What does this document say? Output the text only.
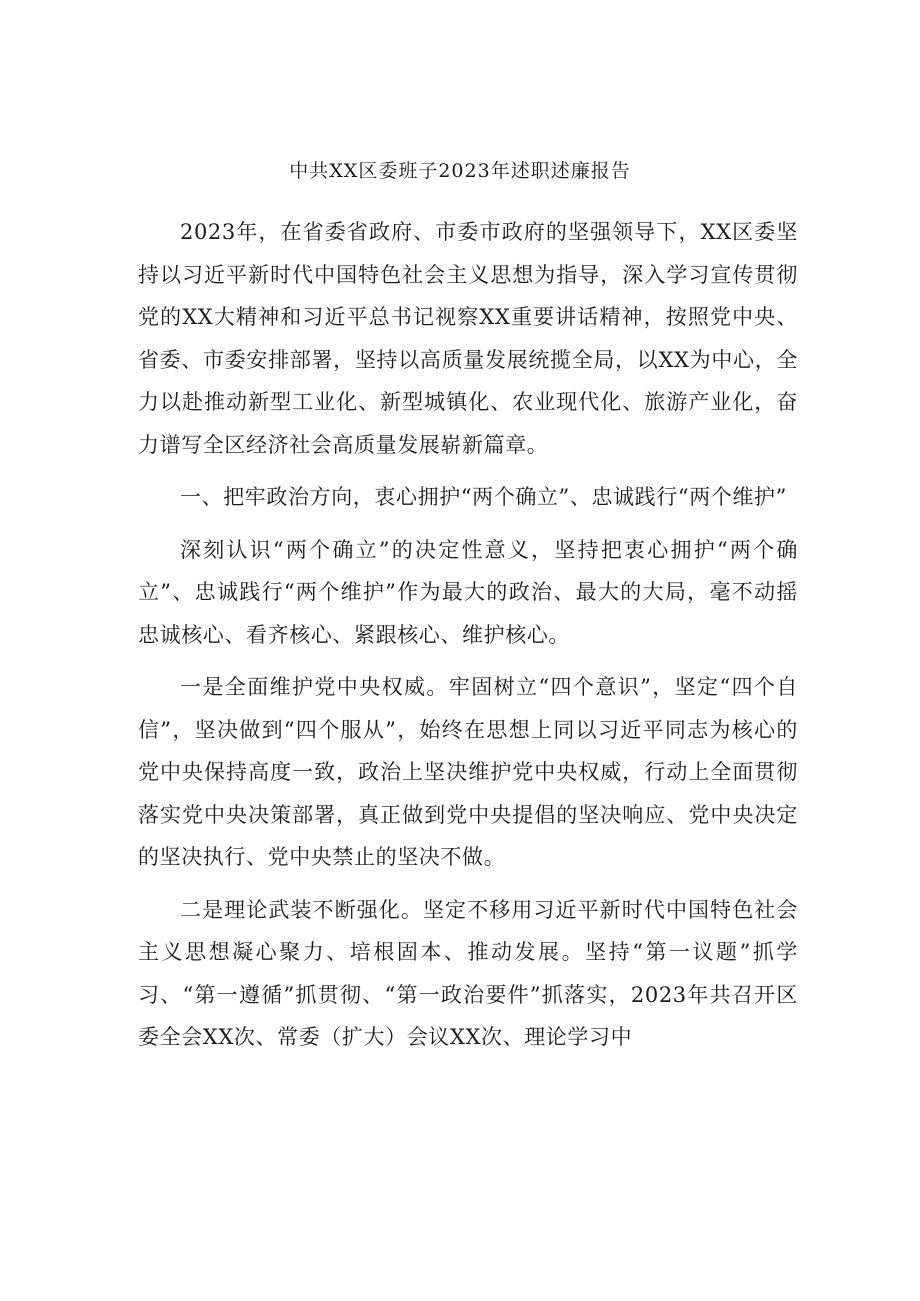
中共XX区委班子2023年述职述廉报告

2023年，在省委省政府、市委市政府的坚强领导下，XX区委坚持以习近平新时代中国特色社会主义思想为指导，深入学习宣传贯彻党的XX大精神和习近平总书记视察XX重要讲话精神，按照党中央、省委、市委安排部署，坚持以高质量发展统揽全局，以XX为中心，全力以赴推动新型工业化、新型城镇化、农业现代化、旅游产业化，奋力谱写全区经济社会高质量发展崭新篇章。

一、把牢政治方向，衷心拥护“两个确立”、忠诚践行“两个维护”

深刻认识“两个确立”的决定性意义，坚持把衷心拥护“两个确立”、忠诚践行“两个维护”作为最大的政治、最大的大局，毫不动摇忠诚核心、看齐核心、紧跟核心、维护核心。

一是全面维护党中央权威。牢固树立“四个意识”，坚定“四个自信”，坚决做到“四个服从”，始终在思想上同以习近平同志为核心的党中央保持高度一致，政治上坚决维护党中央权威，行动上全面贯彻落实党中央决策部署，真正做到党中央提倡的坚决响应、党中央决定的坚决执行、党中央禁止的坚决不做。

二是理论武装不断强化。坚定不移用习近平新时代中国特色社会主义思想凝心聚力、培根固本、推动发展。坚持“第一议题”抓学习、“第一遵循”抓贯彻、“第一政治要件”抓落实，2023年共召开区委全会XX次、常委（扩大）会议XX次、理论学习中
